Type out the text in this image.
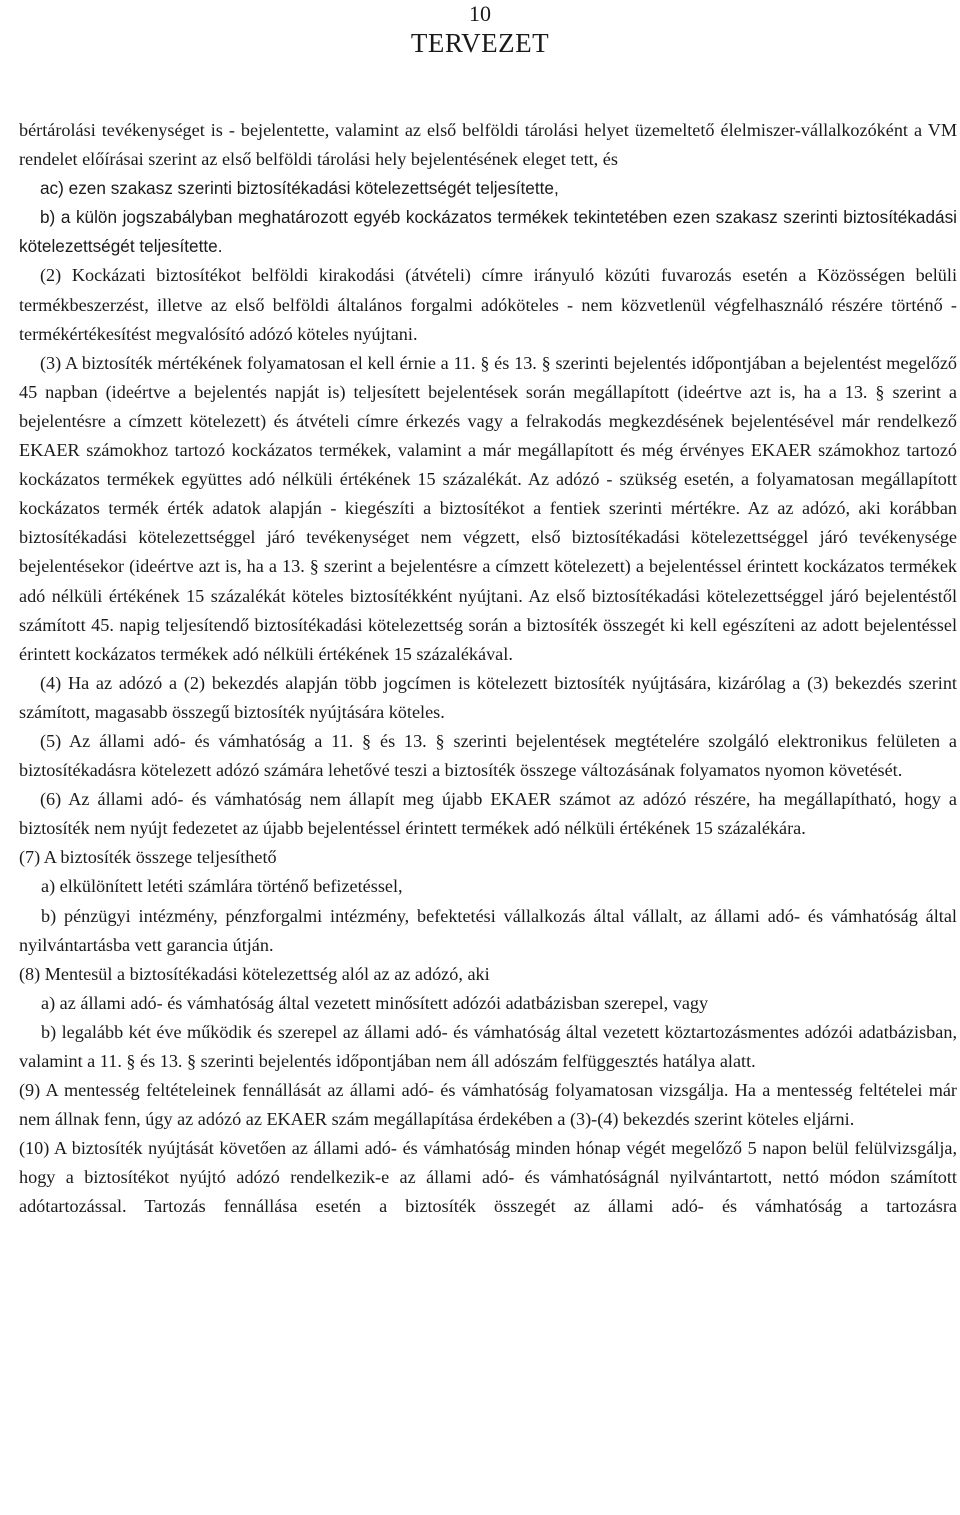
10
TERVEZET

bértárolási tevékenységet is - bejelentette, valamint az első belföldi tárolási helyet üzemeltető élelmiszer-vállalkozóként a VM rendelet előírásai szerint az első belföldi tárolási hely bejelentésének eleget tett, és

ac) ezen szakasz szerinti biztosítékadási kötelezettségét teljesítette,

b) a külön jogszabályban meghatározott egyéb kockázatos termékek tekintetében ezen szakasz szerinti biztosítékadási kötelezettségét teljesítette.

(2) Kockázati biztosítékot belföldi kirakodási (átvételi) címre irányuló közúti fuvarozás esetén a Közösségen belüli termékbeszerzést, illetve az első belföldi általános forgalmi adóköteles - nem közvetlenül végfelhasználó részére történő - termékértékesítést megvalósító adózó köteles nyújtani.

(3) A biztosíték mértékének folyamatosan el kell érnie a 11. § és 13. § szerinti bejelentés időpontjában a bejelentést megelőző 45 napban (ideértve a bejelentés napját is) teljesített bejelentések során megállapított (ideértve azt is, ha a 13. § szerint a bejelentésre a címzett kötelezett) és átvételi címre érkezés vagy a felrakodás megkezdésének bejelentésével már rendelkező EKAER számokhoz tartozó kockázatos termékek, valamint a már megállapított és még érvényes EKAER számokhoz tartozó kockázatos termékek együttes adó nélküli értékének 15 százalékát. Az adózó - szükség esetén, a folyamatosan megállapított kockázatos termék érték adatok alapján - kiegészíti a biztosítékot a fentiek szerinti mértékre. Az az adózó, aki korábban biztosítékadási kötelezettséggel járó tevékenységet nem végzett, első biztosítékadási kötelezettséggel járó tevékenysége bejelentésekor (ideértve azt is, ha a 13. § szerint a bejelentésre a címzett kötelezett) a bejelentéssel érintett kockázatos termékek adó nélküli értékének 15 százalékát köteles biztosítékként nyújtani. Az első biztosítékadási kötelezettséggel járó bejelentéstől számított 45. napig teljesítendő biztosítékadási kötelezettség során a biztosíték összegét ki kell egészíteni az adott bejelentéssel érintett kockázatos termékek adó nélküli értékének 15 százalékával.

(4) Ha az adózó a (2) bekezdés alapján több jogcímen is kötelezett biztosíték nyújtására, kizárólag a (3) bekezdés szerint számított, magasabb összegű biztosíték nyújtására köteles.

(5) Az állami adó- és vámhatóság a 11. § és 13. § szerinti bejelentések megtételére szolgáló elektronikus felületen a biztosítékadásra kötelezett adózó számára lehetővé teszi a biztosíték összege változásának folyamatos nyomon követését.

(6) Az állami adó- és vámhatóság nem állapít meg újabb EKAER számot az adózó részére, ha megállapítható, hogy a biztosíték nem nyújt fedezetet az újabb bejelentéssel érintett termékek adó nélküli értékének 15 százalékára.

(7) A biztosíték összege teljesíthető

a) elkülönített letéti számlára történő befizetéssel,

b) pénzügyi intézmény, pénzforgalmi intézmény, befektetési vállalkozás által vállalt, az állami adó- és vámhatóság által nyilvántartásba vett garancia útján.

(8) Mentesül a biztosítékadási kötelezettség alól az az adózó, aki

a) az állami adó- és vámhatóság által vezetett minősített adózói adatbázisban szerepel, vagy

b) legalább két éve működik és szerepel az állami adó- és vámhatóság által vezetett köztartozásmentes adózói adatbázisban, valamint a 11. § és 13. § szerinti bejelentés időpontjában nem áll adószám felfüggesztés hatálya alatt.

(9) A mentesség feltételeinek fennállását az állami adó- és vámhatóság folyamatosan vizsgálja. Ha a mentesség feltételei már nem állnak fenn, úgy az adózó az EKAER szám megállapítása érdekében a (3)-(4) bekezdés szerint köteles eljárni.

(10) A biztosíték nyújtását követően az állami adó- és vámhatóság minden hónap végét megelőző 5 napon belül felülvizsgálja, hogy a biztosítékot nyújtó adózó rendelkezik-e az állami adó- és vámhatóságnál nyilvántartott, nettó módon számított adótartozással. Tartozás fennállása esetén a biztosíték összegét az állami adó- és vámhatóság a tartozásra
